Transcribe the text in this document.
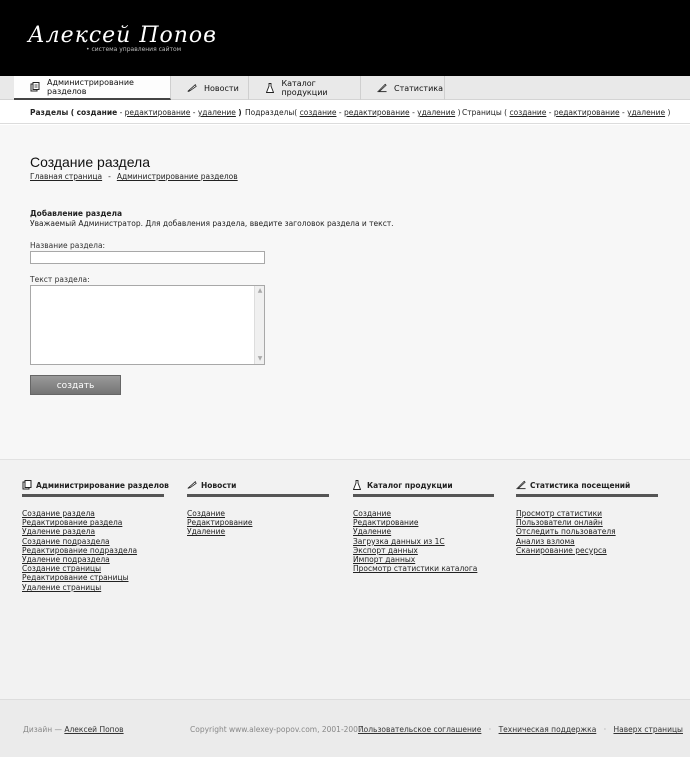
Алексей Попов
• система управления сайтом
Администрирование разделов	Новости	Каталог продукции	Статистика
Разделы ( создание - редактирование - удаление ) Подразделы( создание - редактирование - удаление ) Страницы ( создание - редактирование - удаление )
Создание раздела
Главная страница - Администрирование разделов
Добавление раздела
Уважаемый Администратор. Для добавления раздела, введите заголовок раздела и текст.
Название раздела:
Текст раздела:
▲
▼
создать
Администрирование разделов
Создание раздела
Редактирование раздела
Удаление раздела
Создание подраздела
Редактирование подраздела
Удаление подраздела
Создание страницы
Редактирование страницы
Удаление страницы
Новости
Создание
Редактирование
Удаление
Каталог продукции
Создание
Редактирование
Удаление
Загрузка данных из 1С
Экспорт данных
Импорт данных
Просмотр статистики каталога
Статистика посещений
Просмотр статистики
Пользователи онлайн
Отследить пользователя
Анализ взлома
Сканирование ресурса
Дизайн — Алексей Попов	Copyright www.alexey-popov.com, 2001-2007.
Пользовательское соглашение · Техническая поддержка · Наверх страницы
